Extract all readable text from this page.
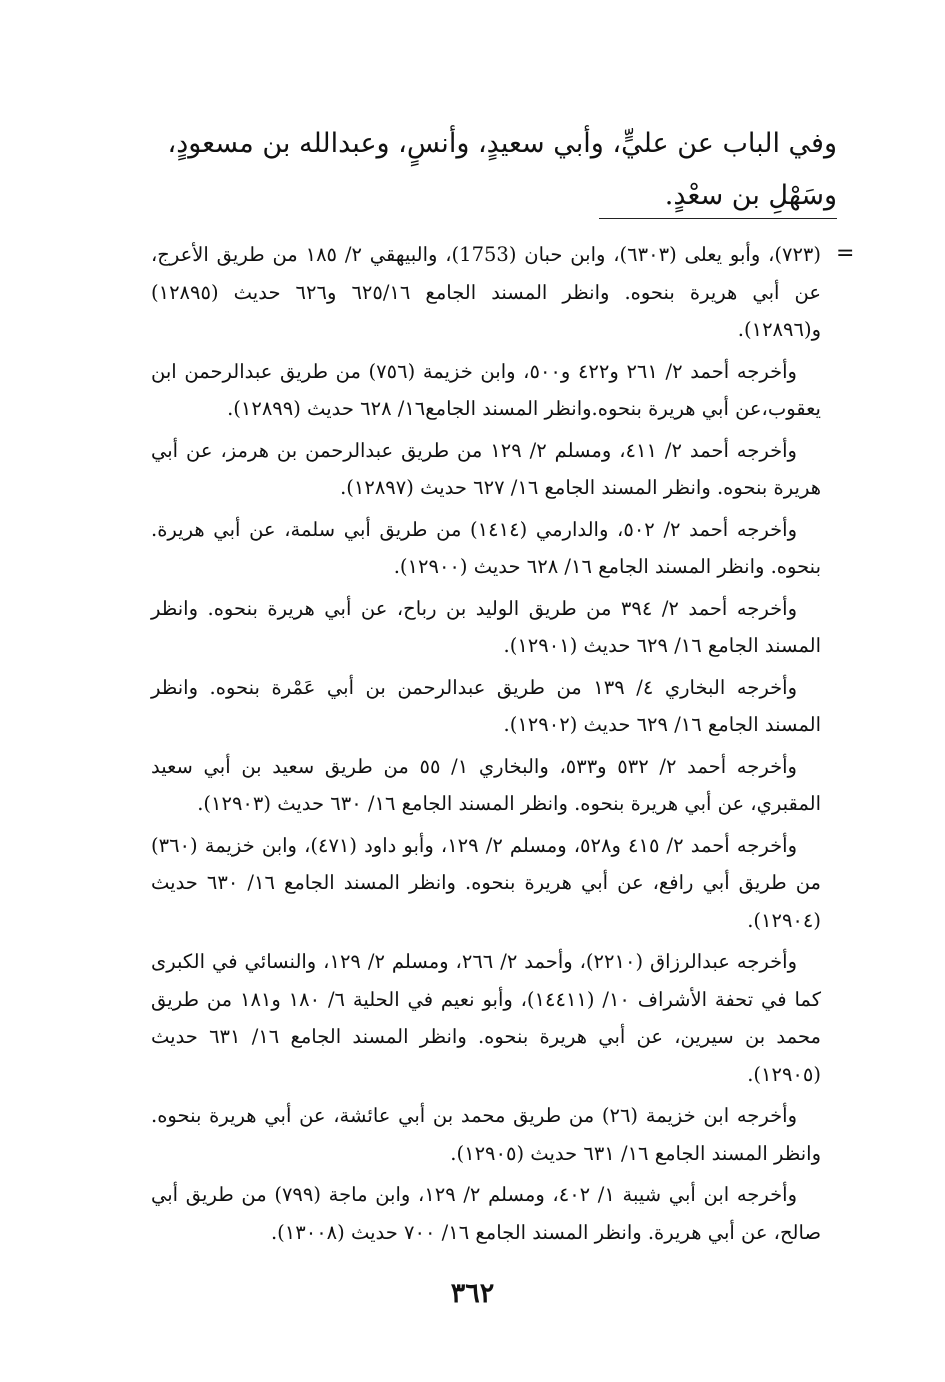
وفي الباب عن عليٍّ، وأبي سعيدٍ، وأنسٍ، وعبدالله بن مسعودٍ،

وسَهْلِ بن سعْدٍ.

=

(٧٢٣)، وأبو يعلى (٦٣٠٣)، وابن حبان (1753)، والبيهقي ٢/ ١٨٥ من طريق الأعرج، عن أبي هريرة بنحوه. وانظر المسند الجامع ٦٢٥/١٦ و٦٢٦ حديث (١٢٨٩٥) و(١٢٨٩٦).

وأخرجه أحمد ٢/ ٢٦١ و٤٢٢ و٥٠٠، وابن خزيمة (٧٥٦) من طريق عبدالرحمن ابن يعقوب،عن أبي هريرة بنحوه.وانظر المسند الجامع١٦/ ٦٢٨ حديث (١٢٨٩٩).

وأخرجه أحمد ٢/ ٤١١، ومسلم ٢/ ١٢٩ من طريق عبدالرحمن بن هرمز، عن أبي هريرة بنحوه. وانظر المسند الجامع ١٦/ ٦٢٧ حديث (١٢٨٩٧).

وأخرجه أحمد ٢/ ٥٠٢، والدارمي (١٤١٤) من طريق أبي سلمة، عن أبي هريرة. بنحوه. وانظر المسند الجامع ١٦/ ٦٢٨ حديث (١٢٩٠٠).

وأخرجه أحمد ٢/ ٣٩٤ من طريق الوليد بن رباح، عن أبي هريرة بنحوه. وانظر المسند الجامع ١٦/ ٦٢٩ حديث (١٢٩٠١).

وأخرجه البخاري ٤/ ١٣٩ من طريق عبدالرحمن بن أبي عَمْرة بنحوه. وانظر المسند الجامع ١٦/ ٦٢٩ حديث (١٢٩٠٢).

وأخرجه أحمد ٢/ ٥٣٢ و٥٣٣، والبخاري ١/ ٥٥ من طريق سعيد بن أبي سعيد المقبري، عن أبي هريرة بنحوه. وانظر المسند الجامع ١٦/ ٦٣٠ حديث (١٢٩٠٣).

وأخرجه أحمد ٢/ ٤١٥ و٥٢٨، ومسلم ٢/ ١٢٩، وأبو داود (٤٧١)، وابن خزيمة (٣٦٠) من طريق أبي رافع، عن أبي هريرة بنحوه. وانظر المسند الجامع ١٦/ ٦٣٠ حديث (١٢٩٠٤).

وأخرجه عبدالرزاق (٢٢١٠)، وأحمد ٢/ ٢٦٦، ومسلم ٢/ ١٢٩، والنسائي في الكبرى كما في تحفة الأشراف ١٠/ (١٤٤١١)، وأبو نعيم في الحلية ٦/ ١٨٠ و١٨١ من طريق محمد بن سيرين، عن أبي هريرة بنحوه. وانظر المسند الجامع ١٦/ ٦٣١ حديث (١٢٩٠٥).

وأخرجه ابن خزيمة (٢٦) من طريق محمد بن أبي عائشة، عن أبي هريرة بنحوه. وانظر المسند الجامع ١٦/ ٦٣١ حديث (١٢٩٠٥).

وأخرجه ابن أبي شيبة ١/ ٤٠٢، ومسلم ٢/ ١٢٩، وابن ماجة (٧٩٩) من طريق أبي صالح، عن أبي هريرة. وانظر المسند الجامع ١٦/ ٧٠٠ حديث (١٣٠٠٨).

٣٦٢
